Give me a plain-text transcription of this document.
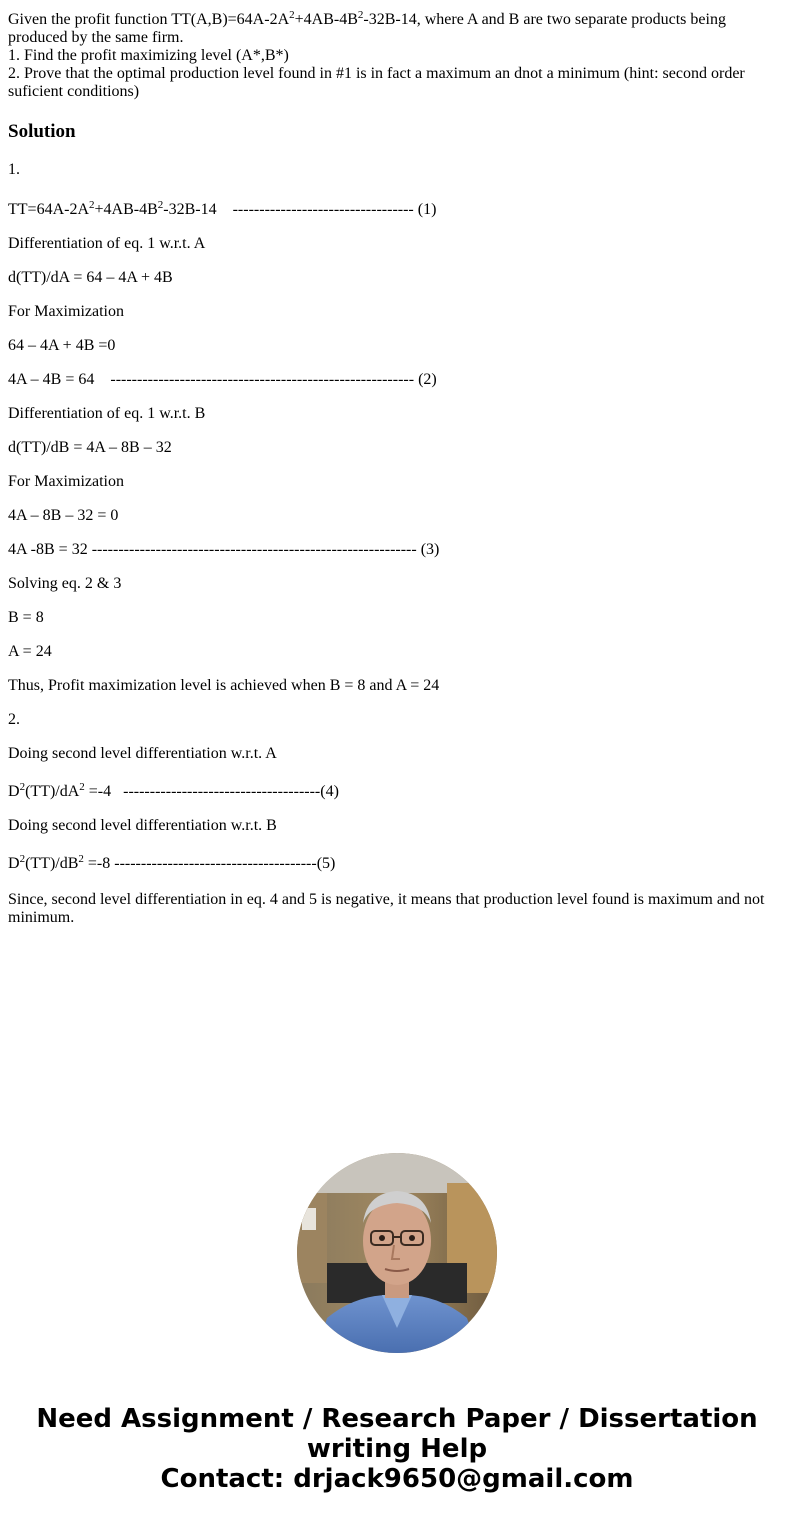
Given the profit function $TT(A,B)=64A-2A^2+4AB-4B^2-32B-14$, where A and B are two separate products being produced by the same firm.

1. Find the profit maximizing level (A*,B*)

2. Prove that the optimal production level found in #1 is in fact a maximum an dnot a minimum (hint: second order suficient conditions)

Solution

1.

$TT=64A-2A^2+4AB-4B^2-32B-14$    ---------------------------------- (1)

Differentiation of eq. 1 w.r.t. A

d(TT)/dA = 64 – 4A + 4B

For Maximization

64 – 4A + 4B =0

4A – 4B = 64    --------------------------------------------------------- (2)

Differentiation of eq. 1 w.r.t. B

d(TT)/dB = 4A – 8B – 32

For Maximization

4A – 8B – 32 = 0

4A -8B = 32 ------------------------------------------------------------- (3)

Solving eq. 2 & 3

B = 8

A = 24

Thus, Profit maximization level is achieved when B = 8 and A = 24

2.

Doing second level differentiation w.r.t. A

$D^2(TT)/dA^2 =-4$   -------------------------------------(4)

Doing second level differentiation w.r.t. B

$D^2(TT)/dB^2 =-8$ --------------------------------------(5)

Since, second level differentiation in eq. 4 and 5 is negative, it means that production level found is maximum and not minimum.

Need Assignment / Research Paper / Dissertation
writing Help
Contact: drjack9650@gmail.com
